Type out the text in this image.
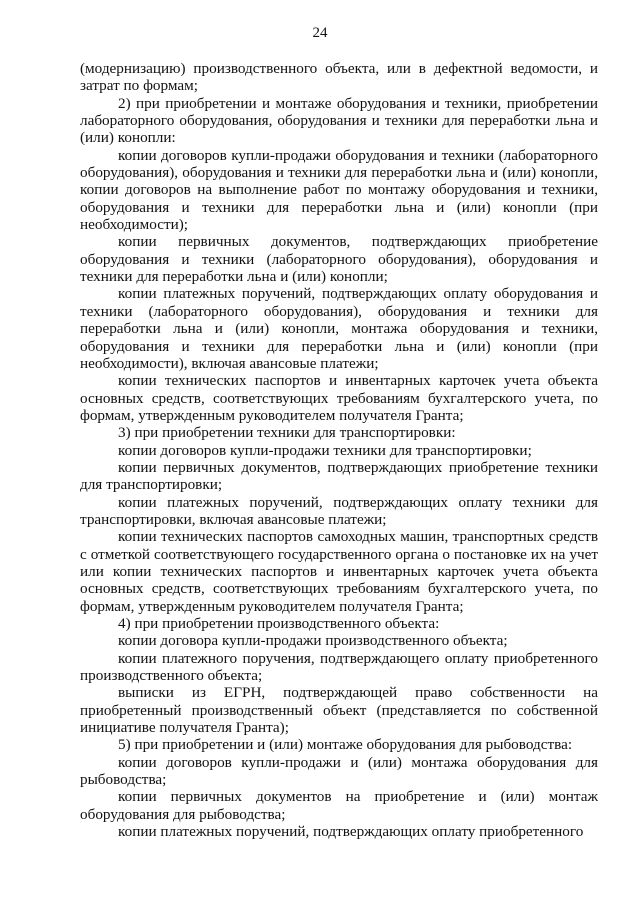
24

(модернизацию) производственного объекта, или в дефектной ведомости, и затрат по формам;

2) при приобретении и монтаже оборудования и техники, приобретении лабораторного оборудования, оборудования и техники для переработки льна и (или) конопли:

копии договоров купли-продажи оборудования и техники (лабораторного оборудования), оборудования и техники для переработки льна и (или) конопли, копии договоров на выполнение работ по монтажу оборудования и техники, оборудования и техники для переработки льна и (или) конопли (при необходимости);

копии первичных документов, подтверждающих приобретение оборудования и техники (лабораторного оборудования), оборудования и техники для переработки льна и (или) конопли;

копии платежных поручений, подтверждающих оплату оборудования и техники (лабораторного оборудования), оборудования и техники для переработки льна и (или) конопли, монтажа оборудования и техники, оборудования и техники для переработки льна и (или) конопли (при необходимости), включая авансовые платежи;

копии технических паспортов и инвентарных карточек учета объекта основных средств, соответствующих требованиям бухгалтерского учета, по формам, утвержденным руководителем получателя Гранта;

3) при приобретении техники для транспортировки:

копии договоров купли-продажи техники для транспортировки;

копии первичных документов, подтверждающих приобретение техники для транспортировки;

копии платежных поручений, подтверждающих оплату техники для транспортировки, включая авансовые платежи;

копии технических паспортов самоходных машин, транспортных средств с отметкой соответствующего государственного органа о постановке их на учет или копии технических паспортов и инвентарных карточек учета объекта основных средств, соответствующих требованиям бухгалтерского учета, по формам, утвержденным руководителем получателя Гранта;

4) при приобретении производственного объекта:

копии договора купли-продажи производственного объекта;

копии платежного поручения, подтверждающего оплату приобретенного производственного объекта;

выписки из ЕГРН, подтверждающей право собственности на приобретенный производственный объект (представляется по собственной инициативе получателя Гранта);

5) при приобретении и (или) монтаже оборудования для рыбоводства:

копии договоров купли-продажи и (или) монтажа оборудования для рыбоводства;

копии первичных документов на приобретение и (или) монтаж оборудования для рыбоводства;

копии платежных поручений, подтверждающих оплату приобретенного
